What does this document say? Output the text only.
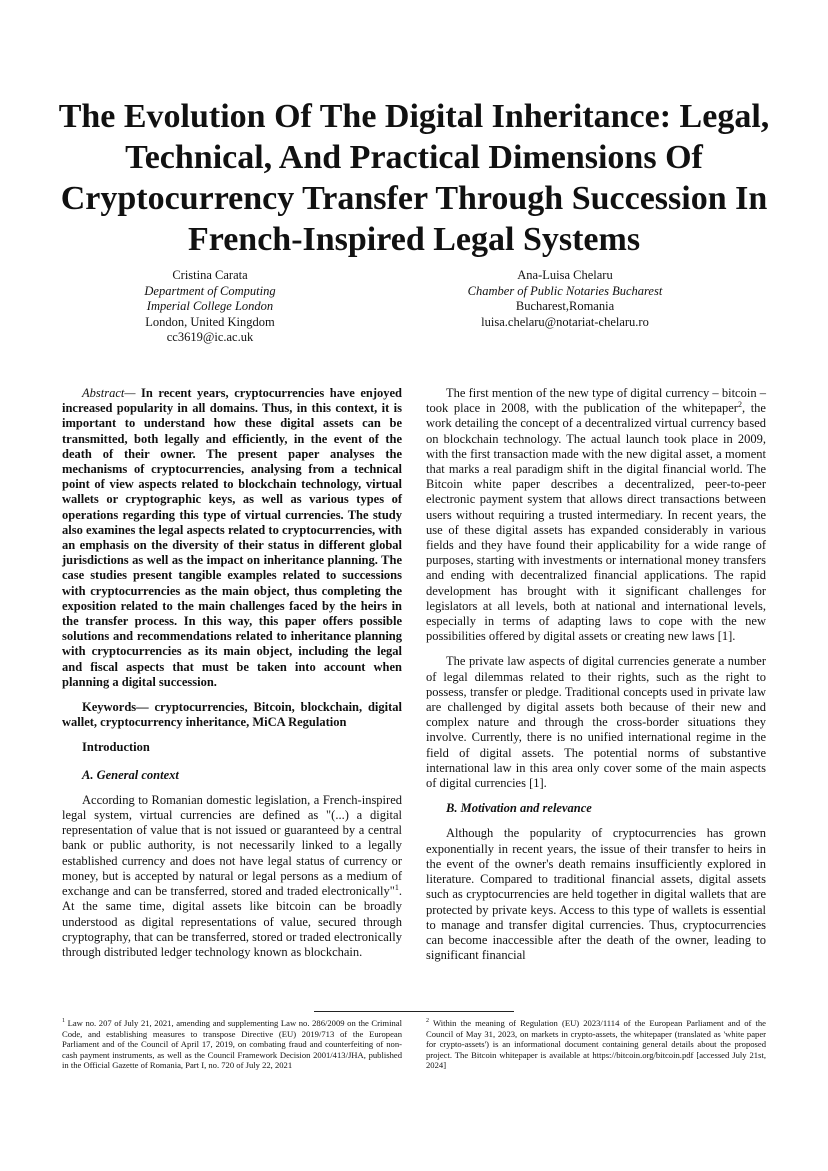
The Evolution Of The Digital Inheritance: Legal, Technical, And Practical Dimensions Of Cryptocurrency Transfer Through Succession In French-Inspired Legal Systems
Cristina Carata
Department of Computing
Imperial College London
London, United Kingdom
cc3619@ic.ac.uk
Ana-Luisa Chelaru
Chamber of Public Notaries Bucharest
Bucharest,Romania
luisa.chelaru@notariat-chelaru.ro

Abstract— In recent years, cryptocurrencies have enjoyed increased popularity in all domains. Thus, in this context, it is important to understand how these digital assets can be transmitted, both legally and efficiently, in the event of the death of their owner. The present paper analyses the mechanisms of cryptocurrencies, analysing from a technical point of view aspects related to blockchain technology, virtual wallets or cryptographic keys, as well as various types of operations regarding this type of virtual currencies. The study also examines the legal aspects related to cryptocurrencies, with an emphasis on the diversity of their status in different global jurisdictions as well as the impact on inheritance planning. The case studies present tangible examples related to successions with cryptocurrencies as the main object, thus completing the exposition related to the main challenges faced by the heirs in the transfer process. In this way, this paper offers possible solutions and recommendations related to inheritance planning with cryptocurrencies as its main object, including the legal and fiscal aspects that must be taken into account when planning a digital succession.

Keywords— cryptocurrencies, Bitcoin, blockchain, digital wallet, cryptocurrency inheritance, MiCA Regulation

Introduction
A. General context

According to Romanian domestic legislation, a French-inspired legal system, virtual currencies are defined as "(...) a digital representation of value that is not issued or guaranteed by a central bank or public authority, is not necessarily linked to a legally established currency and does not have legal status of currency or money, but is accepted by natural or legal persons as a medium of exchange and can be transferred, stored and traded electronically"$^1$. At the same time, digital assets like bitcoin can be broadly understood as digital representations of value, secured through cryptography, that can be transferred, stored or traded electronically through distributed ledger technology known as blockchain.

The first mention of the new type of digital currency – bitcoin – took place in 2008, with the publication of the whitepaper$^2$, the work detailing the concept of a decentralized virtual currency based on blockchain technology. The actual launch took place in 2009, with the first transaction made with the new digital asset, a moment that marks a real paradigm shift in the digital financial world. The Bitcoin white paper describes a decentralized, peer-to-peer electronic payment system that allows direct transactions between users without requiring a trusted intermediary. In recent years, the use of these digital assets has expanded considerably in various fields and they have found their applicability for a wide range of purposes, starting with investments or international money transfers and ending with decentralized financial applications. The rapid development has brought with it significant challenges for legislators at all levels, both at national and international levels, especially in terms of adapting laws to cope with the new possibilities offered by digital assets or creating new laws [1].

The private law aspects of digital currencies generate a number of legal dilemmas related to their rights, such as the right to possess, transfer or pledge. Traditional concepts used in private law are challenged by digital assets both because of their new and complex nature and through the cross-border situations they involve. Currently, there is no unified international regime in the field of digital assets. The potential norms of substantive international law in this area only cover some of the main aspects of digital currencies [1].

B. Motivation and relevance

Although the popularity of cryptocurrencies has grown exponentially in recent years, the issue of their transfer to heirs in the event of the owner's death remains insufficiently explored in literature. Compared to traditional financial assets, digital assets such as cryptocurrencies are held together in digital wallets that are protected by private keys. Access to this type of wallets is essential to manage and transfer digital currencies. Thus, cryptocurrencies can become inaccessible after the death of the owner, leading to significant financial

$^1$ Law no. 207 of July 21, 2021, amending and supplementing Law no. 286/2009 on the Criminal Code, and establishing measures to transpose Directive (EU) 2019/713 of the European Parliament and of the Council of April 17, 2019, on combating fraud and counterfeiting of non-cash payment instruments, as well as the Council Framework Decision 2001/413/JHA, published in the Official Gazette of Romania, Part I, no. 720 of July 22, 2021
$^2$ Within the meaning of Regulation (EU) 2023/1114 of the European Parliament and of the Council of May 31, 2023, on markets in crypto-assets, the whitepaper (translated as 'white paper for crypto-assets') is an informational document containing general details about the proposed project. The Bitcoin whitepaper is available at https://bitcoin.org/bitcoin.pdf [accessed July 21st, 2024]
